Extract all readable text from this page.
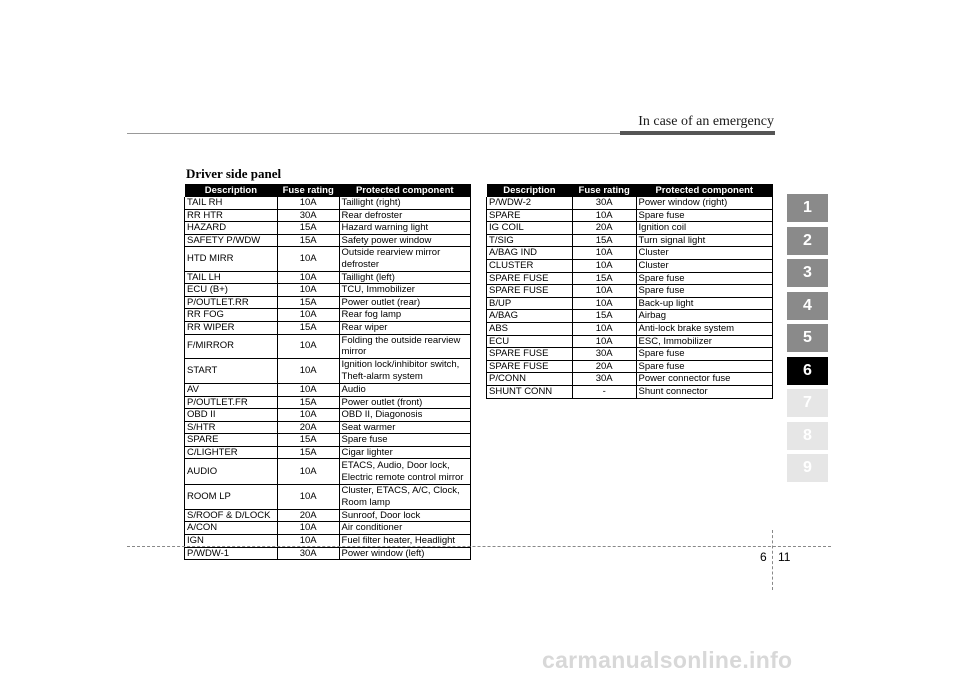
In case of an emergency
Driver side panel
Description	Fuse rating	Protected component
TAIL RH	10A	Taillight (right)
RR HTR	30A	Rear defroster
HAZARD	15A	Hazard warning light
SAFETY P/WDW	15A	Safety power window
HTD MIRR	10A	Outside rearview mirror defroster
TAIL LH	10A	Taillight (left)
ECU (B+)	10A	TCU, Immobilizer
P/OUTLET.RR	15A	Power outlet (rear)
RR FOG	10A	Rear fog lamp
RR WIPER	15A	Rear wiper
F/MIRROR	10A	Folding the outside rearview mirror
START	10A	Ignition lock/inhibitor switch,
Theft-alarm system

AV	10A	Audio
P/OUTLET.FR	15A	Power outlet (front)
OBD II	10A	OBD II, Diagonosis
S/HTR	20A	Seat warmer
SPARE	15A	Spare fuse
C/LIGHTER	15A	Cigar lighter
AUDIO	10A	ETACS, Audio, Door lock,
Electric remote control mirror

ROOM LP	10A	Cluster, ETACS, A/C, Clock,
Room lamp

S/ROOF & D/LOCK	20A	Sunroof, Door lock
A/CON	10A	Air conditioner
IGN	10A	Fuel filter heater, Headlight
P/WDW-1	30A	Power window (left)
Description	Fuse rating	Protected component
P/WDW-2	30A	Power window (right)
SPARE	10A	Spare fuse
IG COIL	20A	Ignition coil
T/SIG	15A	Turn signal light
A/BAG IND	10A	Cluster
CLUSTER	10A	Cluster
SPARE FUSE	15A	Spare fuse
SPARE FUSE	10A	Spare fuse
B/UP	10A	Back-up light
A/BAG	15A	Airbag
ABS	10A	Anti-lock brake system
ECU	10A	ESC, Immobilizer
SPARE FUSE	30A	Spare fuse
SPARE FUSE	20A	Spare fuse
P/CONN	30A	Power connector fuse
SHUNT CONN	-	Shunt connector
1
2
3
4
5
6
7
8
9
6 11
carmanualsonline.info
